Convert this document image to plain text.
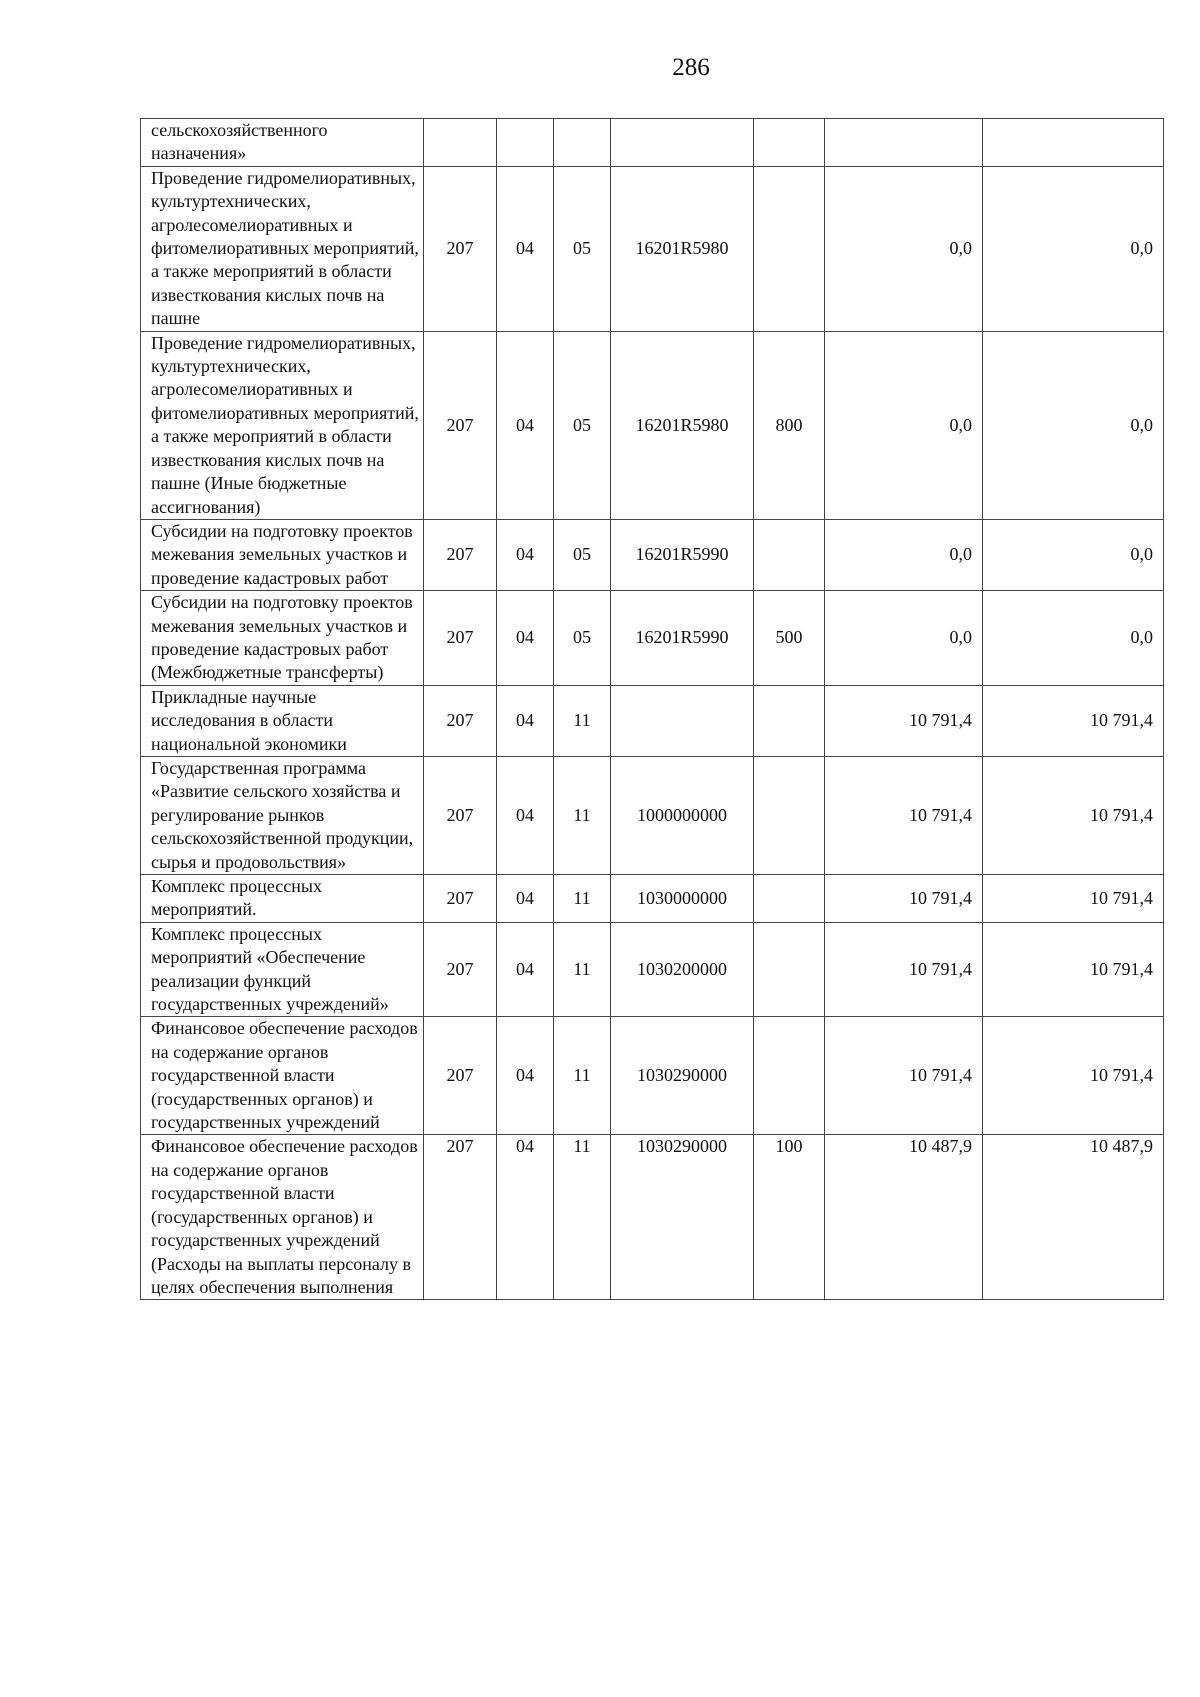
286
сельскохозяйственного назначения»							
Проведение гидромелиоративных, культуртехнических, агролесомелиоративных и фитомелиоративных мероприятий, а также мероприятий в области известкования кислых почв на пашне	207	04	05	16201R5980		0,0	0,0
Проведение гидромелиоративных, культуртехнических, агролесомелиоративных и фитомелиоративных мероприятий, а также мероприятий в области известкования кислых почв на пашне (Иные бюджетные ассигнования)	207	04	05	16201R5980	800	0,0	0,0
Субсидии на подготовку проектов межевания земельных участков и проведение кадастровых работ	207	04	05	16201R5990		0,0	0,0
Субсидии на подготовку проектов межевания земельных участков и проведение кадастровых работ (Межбюджетные трансферты)	207	04	05	16201R5990	500	0,0	0,0
Прикладные научные исследования в области национальной экономики	207	04	11			10 791,4	10 791,4
Государственная программа «Развитие сельского хозяйства и регулирование рынков сельскохозяйственной продукции, сырья и продовольствия»	207	04	11	1000000000		10 791,4	10 791,4
Комплекс процессных мероприятий.	207	04	11	1030000000		10 791,4	10 791,4
Комплекс процессных мероприятий «Обеспечение реализации функций государственных учреждений»	207	04	11	1030200000		10 791,4	10 791,4
Финансовое обеспечение расходов на содержание органов государственной власти (государственных органов) и государственных учреждений	207	04	11	1030290000		10 791,4	10 791,4
Финансовое обеспечение расходов на содержание органов государственной власти (государственных органов) и государственных учреждений (Расходы на выплаты персоналу в целях обеспечения выполнения	207	04	11	1030290000	100	10 487,9	10 487,9
